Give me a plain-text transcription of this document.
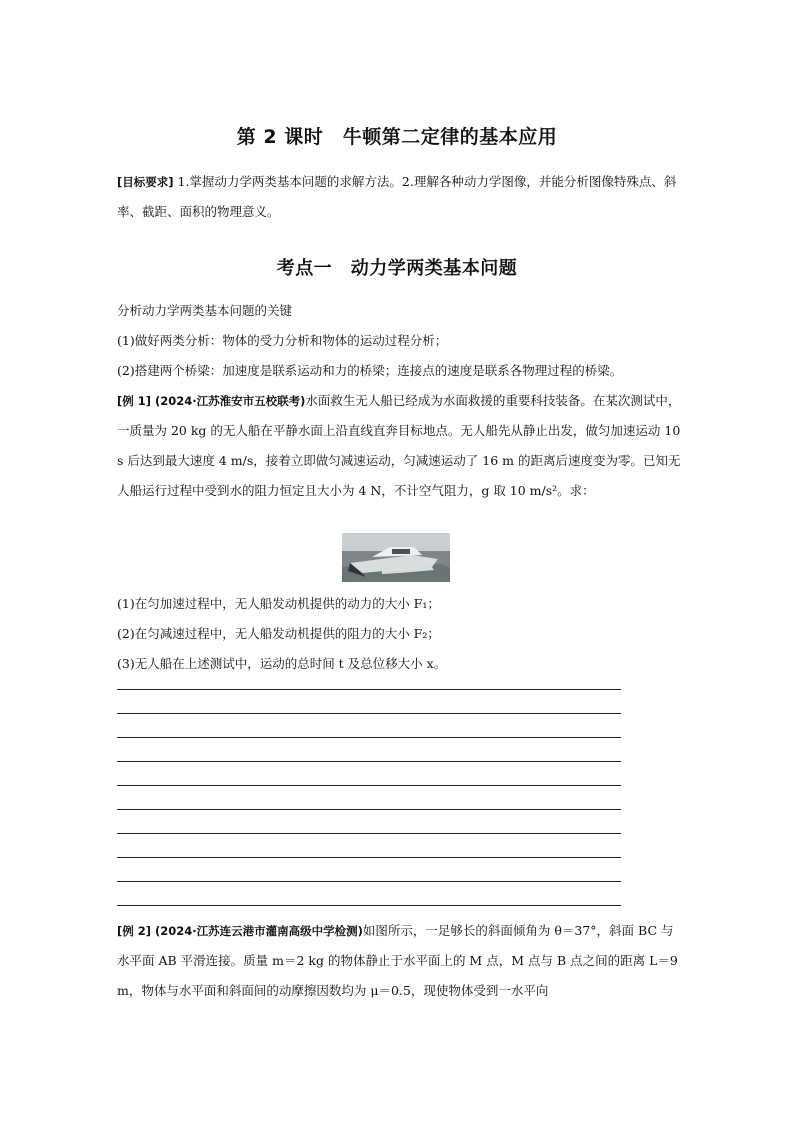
第 2 课时　牛顿第二定律的基本应用
[目标要求] 1.掌握动力学两类基本问题的求解方法。2.理解各种动力学图像，并能分析图像特殊点、斜率、截距、面积的物理意义。
考点一　动力学两类基本问题
分析动力学两类基本问题的关键
(1)做好两类分析：物体的受力分析和物体的运动过程分析；
(2)搭建两个桥梁：加速度是联系运动和力的桥梁；连接点的速度是联系各物理过程的桥梁。
[例 1] (2024·江苏淮安市五校联考)水面救生无人船已经成为水面救援的重要科技装备。在某次测试中，一质量为 20 kg 的无人船在平静水面上沿直线直奔目标地点。无人船先从静止出发，做匀加速运动 10 s 后达到最大速度 4 m/s，接着立即做匀减速运动，匀减速运动了 16 m 的距离后速度变为零。已知无人船运行过程中受到水的阻力恒定且大小为 4 N，不计空气阻力，g 取 10 m/s²。求：
(1)在匀加速过程中，无人船发动机提供的动力的大小 F₁；
(2)在匀减速过程中，无人船发动机提供的阻力的大小 F₂；
(3)无人船在上述测试中，运动的总时间 t 及总位移大小 x。
[例 2] (2024·江苏连云港市灌南高级中学检测)如图所示，一足够长的斜面倾角为 θ＝37°，斜面 BC 与水平面 AB 平滑连接。质量 m＝2 kg 的物体静止于水平面上的 M 点，M 点与 B 点之间的距离 L＝9 m，物体与水平面和斜面间的动摩擦因数均为 μ＝0.5，现使物体受到一水平向
